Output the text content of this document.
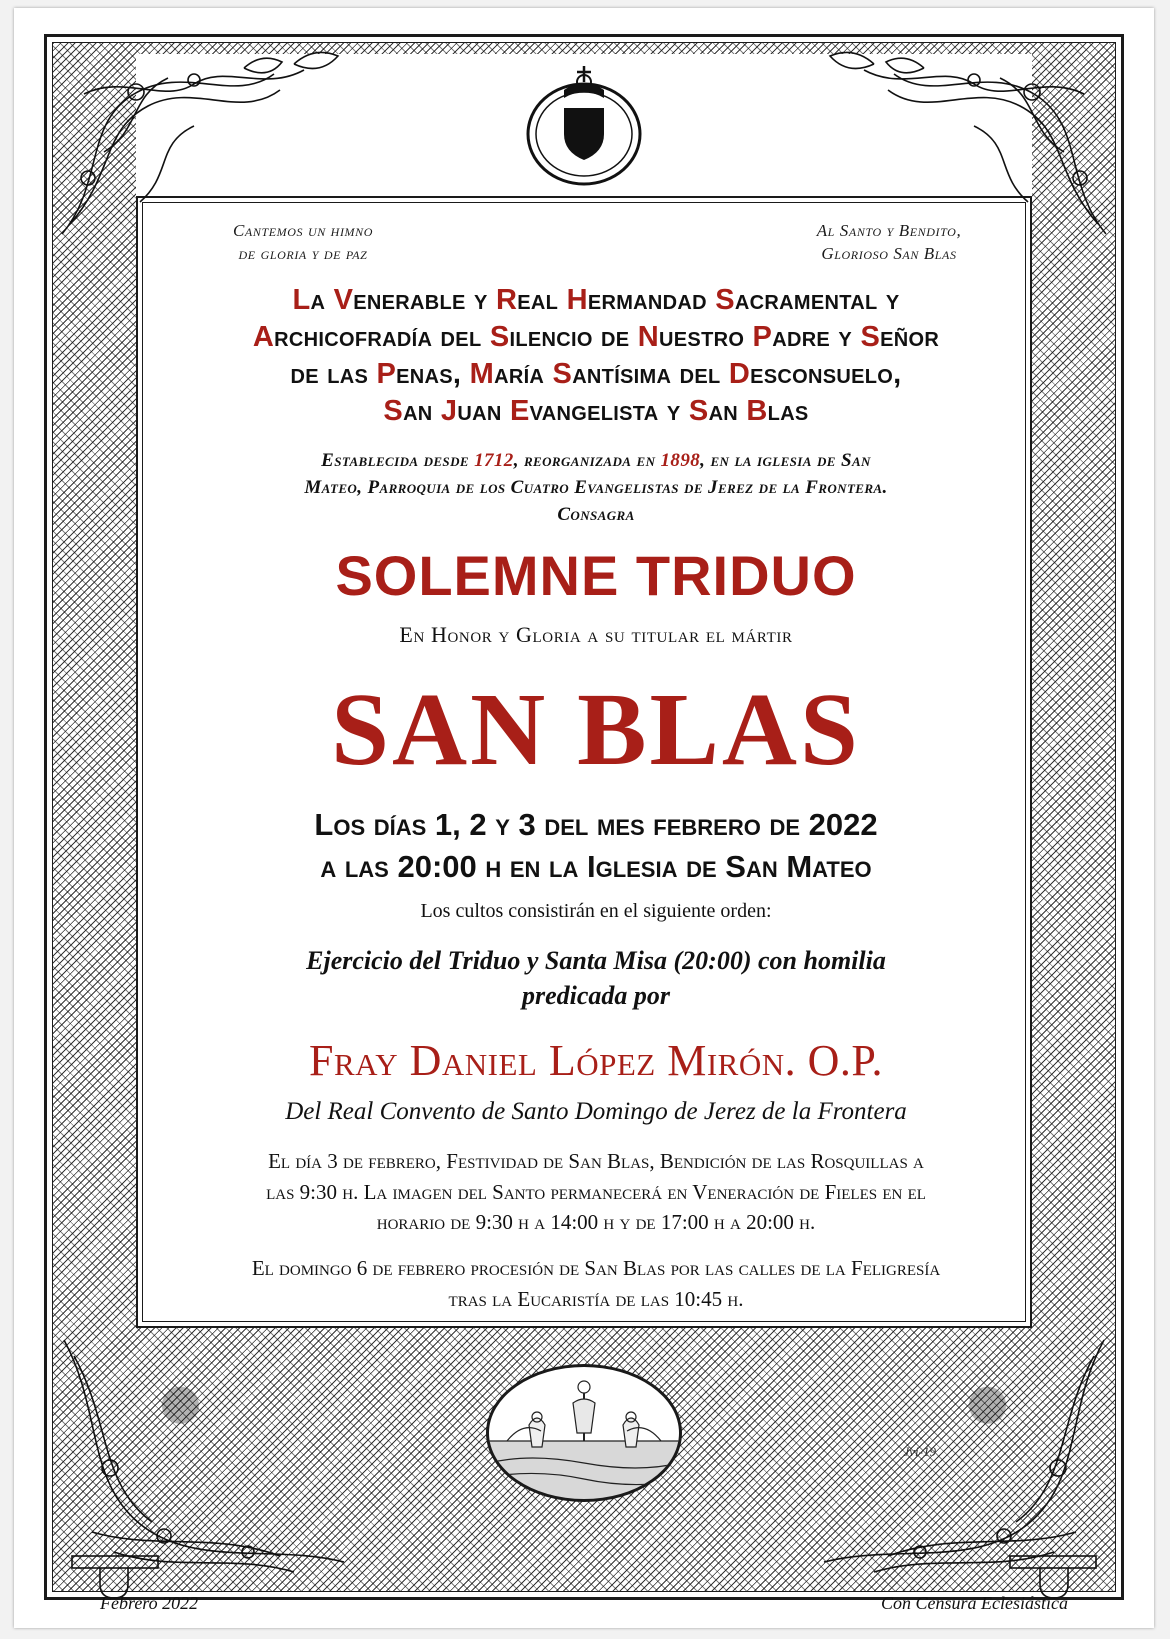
Cantemos un himno
de gloria y de paz
Al Santo y Bendito,
Glorioso San Blas
La Venerable y Real Hermandad Sacramental y
Archicofradía del Silencio de Nuestro Padre y Señor
de las Penas, María Santísima del Desconsuelo,
San Juan Evangelista y San Blas
Establecida desde 1712, reorganizada en 1898, en la iglesia de San
Mateo, Parroquia de los Cuatro Evangelistas de Jerez de la Frontera.
Consagra
SOLEMNE TRIDUO
En Honor y Gloria a su titular el mártir
SAN BLAS
Los días 1, 2 y 3 del mes febrero de 2022
a las 20:00 h en la Iglesia de San Mateo
Los cultos consistirán en el siguiente orden:
Ejercicio del Triduo y Santa Misa (20:00) con homilia
predicada por
Fray Daniel López Mirón. O.P.
Del Real Convento de Santo Domingo de Jerez de la Frontera
El día 3 de febrero, Festividad de San Blas, Bendición de las Rosquillas a
las 9:30 h. La imagen del Santo permanecerá en Veneración de Fieles en el
horario de 9:30 h a 14:00 h y de 17:00 h a 20:00 h.
El domingo 6 de febrero procesión de San Blas por las calles de la Feligresía
tras la Eucaristía de las 10:45 h.
Jvi-19
Febrero 2022	Con Censura Eclesiástica
